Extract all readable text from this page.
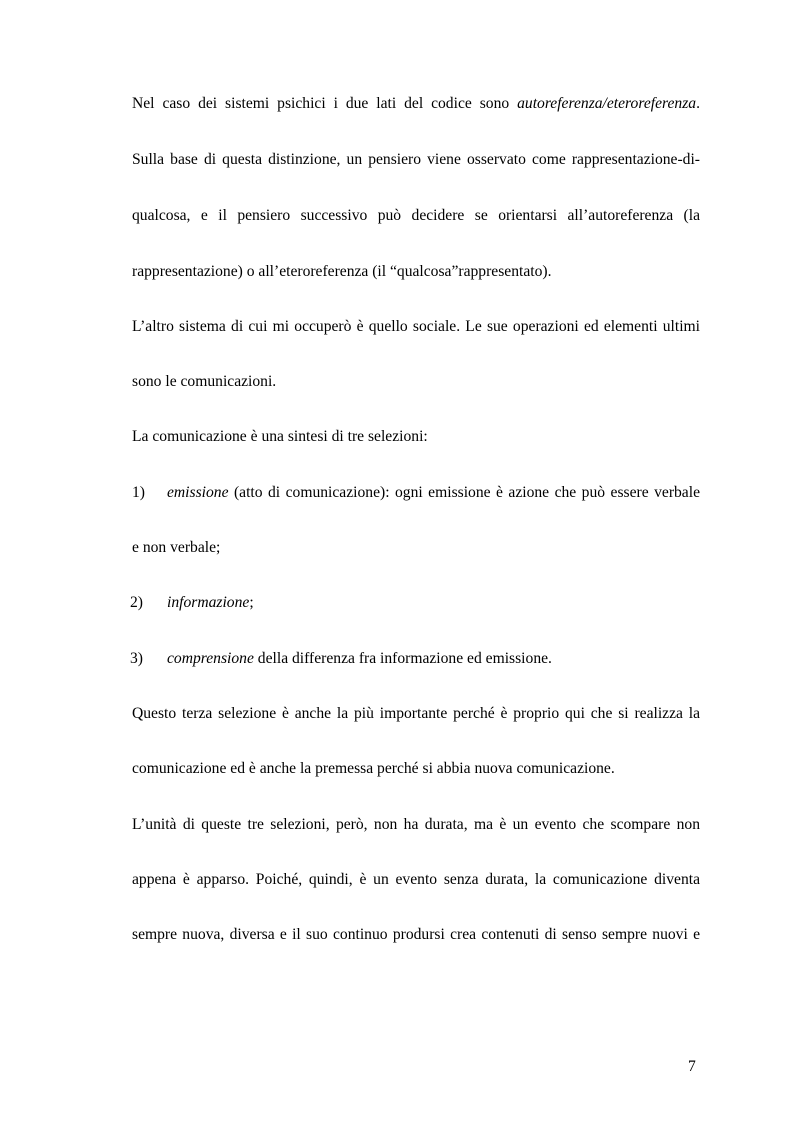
Nel caso dei sistemi psichici i due lati del codice sono autoreferenza/eteroreferenza.
Sulla base di questa distinzione, un pensiero viene osservato come rappresentazione-di-
qualcosa, e il pensiero successivo può decidere se orientarsi all’autoreferenza (la
rappresentazione) o all’eteroreferenza (il “qualcosa”rappresentato).
L’altro sistema di cui mi occuperò è quello sociale. Le sue operazioni ed elementi ultimi
sono le comunicazioni.
La comunicazione è una sintesi di tre selezioni:
1) emissione (atto di comunicazione): ogni emissione è azione che può essere verbale
e non verbale;
2) informazione;
3) comprensione della differenza fra informazione ed emissione.
Questo terza selezione è anche la più importante perché è proprio qui che si realizza la
comunicazione ed è anche la premessa perché si abbia nuova comunicazione.
L’unità di queste tre selezioni, però, non ha durata, ma è un evento che scompare non
appena è apparso. Poiché, quindi, è un evento senza durata, la comunicazione diventa
sempre nuova, diversa e il suo continuo prodursi crea contenuti di senso sempre nuovi e
7
